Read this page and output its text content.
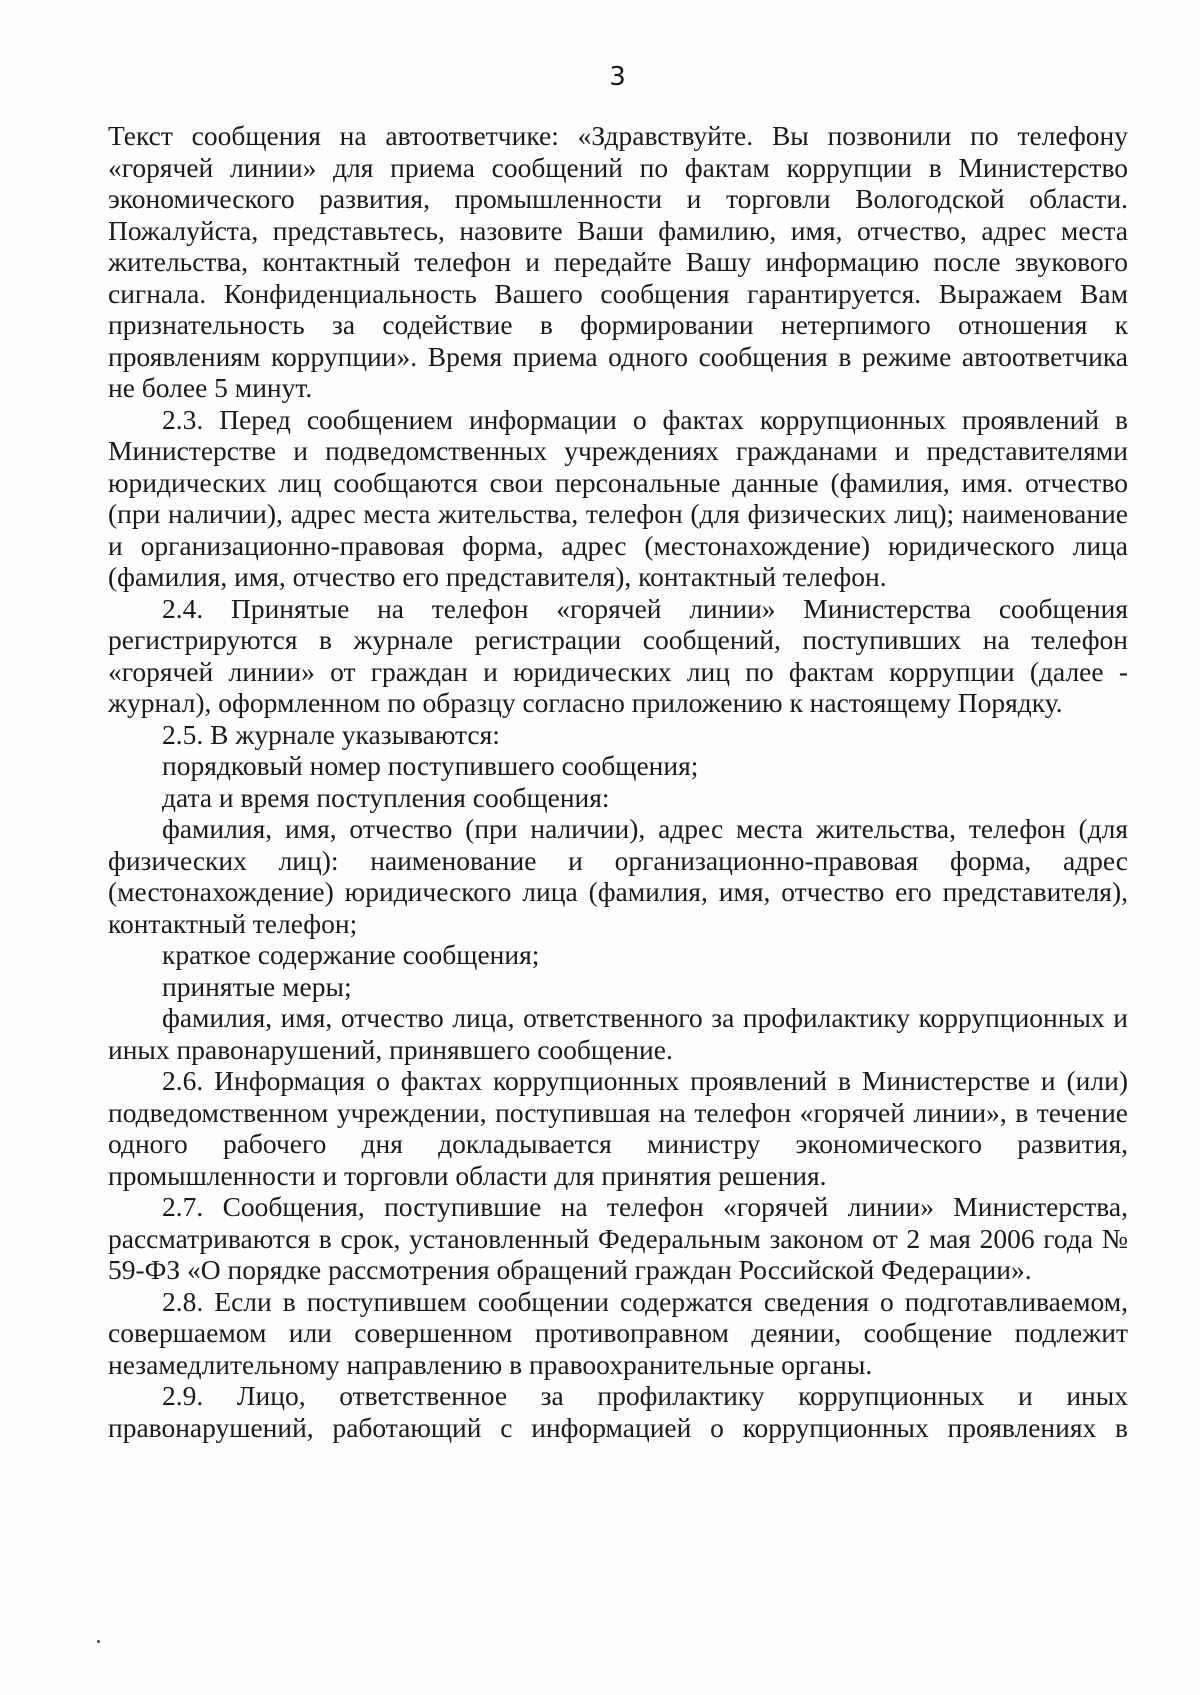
3

Текст сообщения на автоответчике: «Здравствуйте. Вы позвонили по телефону «горячей линии» для приема сообщений по фактам коррупции в Министерство экономического развития, промышленности и торговли Вологодской области. Пожалуйста, представьтесь, назовите Ваши фамилию, имя, отчество, адрес места жительства, контактный телефон и передайте Вашу информацию после звукового сигнала. Конфиденциальность Вашего сообщения гарантируется. Выражаем Вам признательность за содействие в формировании нетерпимого отношения к проявлениям коррупции». Время приема одного сообщения в режиме автоответчика не более 5 минут.

2.3. Перед сообщением информации о фактах коррупционных проявлений в Министерстве и подведомственных учреждениях гражданами и представителями юридических лиц сообщаются свои персональные данные (фамилия, имя. отчество (при наличии), адрес места жительства, телефон (для физических лиц); наименование и организационно-правовая форма, адрес (местонахождение) юридического лица (фамилия, имя, отчество его представителя), контактный телефон.

2.4. Принятые на телефон «горячей линии» Министерства сообщения регистрируются в журнале регистрации сообщений, поступивших на телефон «горячей линии» от граждан и юридических лиц по фактам коррупции (далее - журнал), оформленном по образцу согласно приложению к настоящему Порядку.

2.5. В журнале указываются:

порядковый номер поступившего сообщения;

дата и время поступления сообщения:

фамилия, имя, отчество (при наличии), адрес места жительства, телефон (для физических лиц): наименование и организационно-правовая форма, адрес (местонахождение) юридического лица (фамилия, имя, отчество его представителя), контактный телефон;

краткое содержание сообщения;

принятые меры;

фамилия, имя, отчество лица, ответственного за профилактику коррупционных и иных правонарушений, принявшего сообщение.

2.6. Информация о фактах коррупционных проявлений в Министерстве и (или) подведомственном учреждении, поступившая на телефон «горячей линии», в течение одного рабочего дня докладывается министру экономического развития, промышленности и торговли области для принятия решения.

2.7. Сообщения, поступившие на телефон «горячей линии» Министерства, рассматриваются в срок, установленный Федеральным законом от 2 мая 2006 года № 59-ФЗ «О порядке рассмотрения обращений граждан Российской Федерации».

2.8. Если в поступившем сообщении содержатся сведения о подготавливаемом, совершаемом или совершенном противоправном деянии, сообщение подлежит незамедлительному направлению в правоохранительные органы.

2.9. Лицо, ответственное за профилактику коррупционных и иных правонарушений, работающий с информацией о коррупционных проявлениях в
